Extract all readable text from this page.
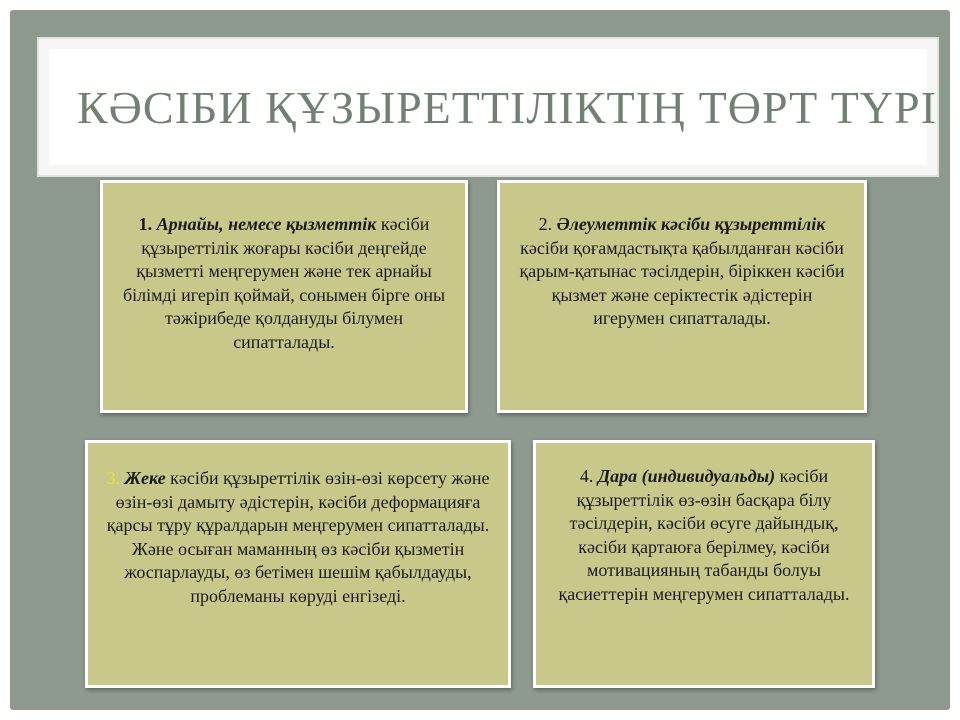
КӘСІБИ ҚҰЗЫРЕТТІЛІКТІҢ ТӨРТ ТҮРІ

1. Арнайы, немесе қызметтік кәсіби құзыреттілік жоғары кәсіби деңгейде қызметті меңгерумен және тек арнайы білімді игеріп қоймай, сонымен бірге оны тәжірибеде қолдануды білумен сипатталады.

2. Әлеуметтік кәсіби құзыреттілік кәсіби қоғамдастықта қабылданған кәсіби қарым-қатынас тәсілдерін, біріккен кәсіби қызмет және серіктестік әдістерін игерумен сипатталады.

3. Жеке кәсіби құзыреттілік өзін-өзі көрсету және өзін-өзі дамыту әдістерін, кәсіби деформацияға қарсы тұру құралдарын меңгерумен сипатталады. Және осыған маманның өз кәсіби қызметін жоспарлауды, өз бетімен шешім қабылдауды, проблеманы көруді енгізеді.

4. Дара (индивидуальды) кәсіби құзыреттілік өз-өзін басқара білу тәсілдерін, кәсіби өсуге дайындық, кәсіби қартаюға берілмеу, кәсіби мотивацияның табанды болуы қасиеттерін меңгерумен сипатталады.
